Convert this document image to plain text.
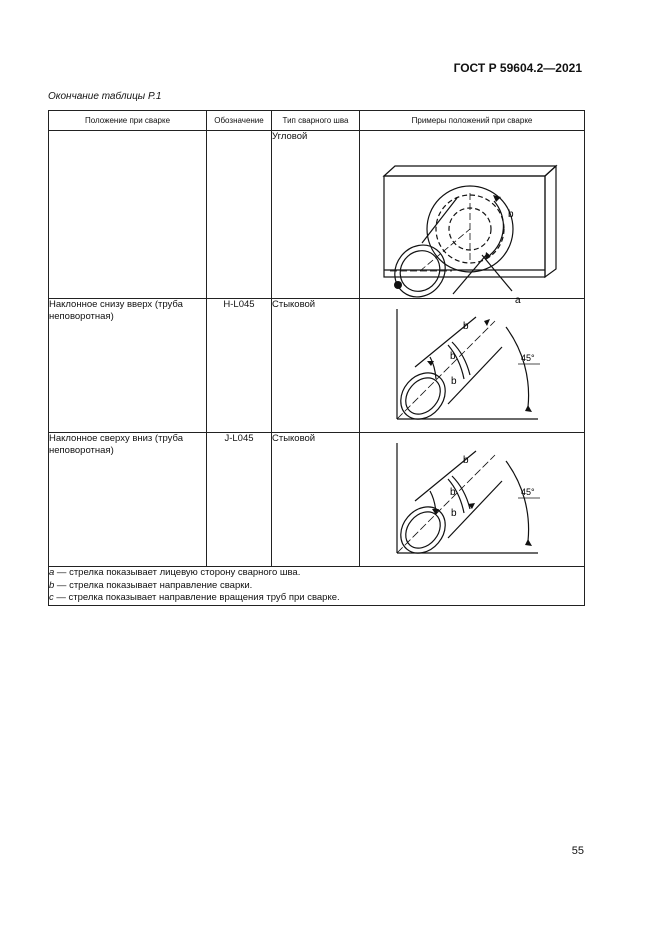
ГОСТ Р 59604.2—2021
Окончание таблицы Р.1
Положение при сварке	Обозначение	Тип сварного шва	Примеры положений при сварке
		Угловой	b
a

Наклонное снизу вверх (труба неповоротная)	H-L045	Стыковой	b
b
b
45°

Наклонное сверху вниз (труба неповоротная)	J-L045	Стыковой	b
b
b
45°

a — стрелка показывает лицевую сторону сварного шва.
b — стрелка показывает направление сварки.
c — стрелка показывает направление вращения труб при сварке.			
55
